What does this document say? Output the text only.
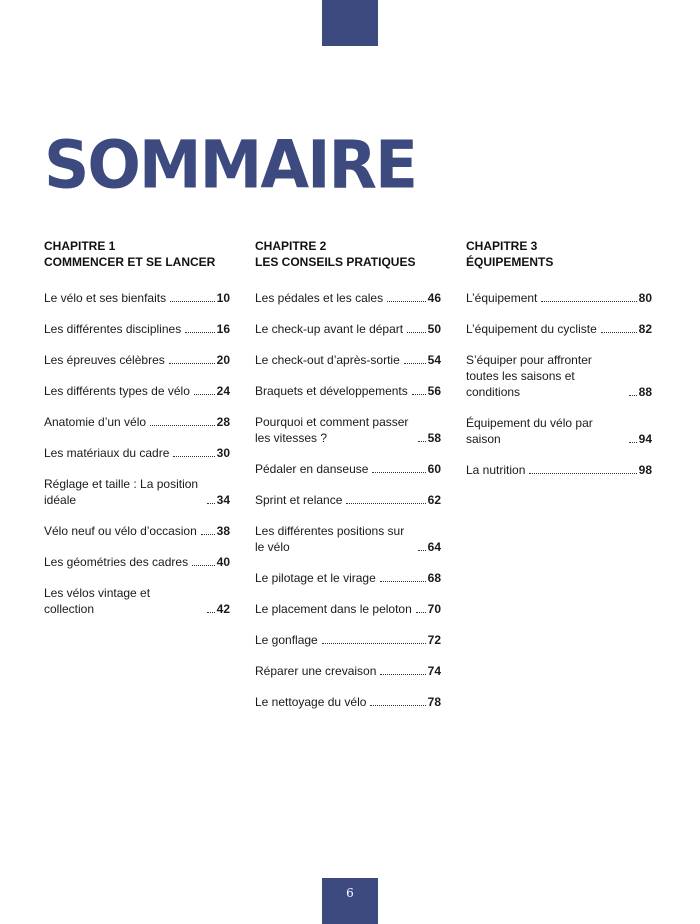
SOMMAIRE
CHAPITRE 1
COMMENCER ET SE LANCER
Le vélo et ses bienfaits	10
Les différentes disciplines	16
Les épreuves célèbres	20
Les différents types de vélo 24
Anatomie d’un vélo	28
Les matériaux du cadre	30
Réglage et taille : La position idéale	34
Vélo neuf ou vélo d’occasion 38
Les géométries des cadres 40
Les vélos vintage et collection	42
CHAPITRE 2
LES CONSEILS PRATIQUES
Les pédales et les cales	46
Le check-up avant le départ 50
Le check-out d’après-sortie 54
Braquets et développements 56
Pourquoi et comment passer les vitesses ?	58
Pédaler en danseuse	60
Sprint et relance	62
Les différentes positions sur le vélo	64
Le pilotage et le virage	68
Le placement dans le peloton 70
Le gonflage	72
Réparer une crevaison	74
Le nettoyage du vélo	78
CHAPITRE 3
ÉQUIPEMENTS
L’équipement	80
L’équipement du cycliste	82
S’équiper pour affronter toutes les saisons et conditions	88
Équipement du vélo par saison	94
La nutrition	98
6
